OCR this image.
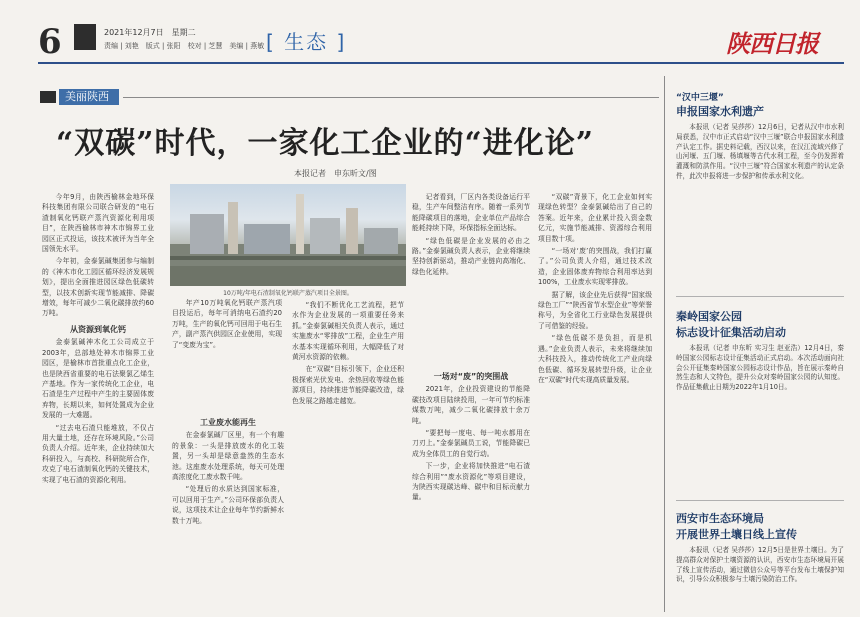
6	2021年12月7日　星期二
责编 | 刘艳　版式 | 张阳　校对 | 芝慧　美编 | 燕敏 [ 生态 ]	陕西日报
美丽陕西
“双碳”时代，一家化工企业的“进化论”
本报记者　申东昕文/图
10万吨/年电石渣制氧化钙联产蒸汽项目全景图。

今年9月，由陕西榆林金地环保科技集团有限公司联合研发的“电石渣制氧化钙联产蒸汽资源化利用项目”，在陕西榆林市神木市锦界工业园区正式投运，该技术被评为当年全国领先水平。

今年初，金泰氯碱集团参与编制的《神木市化工园区循环经济发展规划》，提出全面推进园区绿色低碳转型，以技术创新实现节能减排、降碳增效，每年可减少二氧化碳排放约60万吨。

从资源到氧化钙

金泰氯碱神木化工公司成立于2003年，总部地处神木市锦界工业园区，是榆林市首批重点化工企业，也是陕西省重要的电石法聚氯乙烯生产基地。作为一家传统化工企业，电石渣是生产过程中产生的主要固体废弃物，长期以来，如何处置成为企业发展的一大难题。

“过去电石渣只能堆放，不仅占用大量土地，还存在环境风险。”公司负责人介绍。近年来，企业持续加大科研投入，与高校、科研院所合作，攻克了电石渣制氧化钙的关键技术，实现了电石渣的资源化利用。

年产10万吨氧化钙联产蒸汽项目投运后，每年可消纳电石渣约20万吨，生产的氧化钙可回用于电石生产，副产蒸汽供园区企业使用，实现了“变废为宝”。

工业废水能再生

在金泰氯碱厂区里，有一个有趣的景象：一头是排放废水的化工装置，另一头却是绿意盎然的生态水池。这座废水处理系统，每天可处理高浓度化工废水数千吨。

“处理后的水质达到国家标准，可以回用于生产。”公司环保部负责人说，这项技术让企业每年节约新鲜水数十万吨。

“我们不断优化工艺流程，把节水作为企业发展的一项重要任务来抓。”金泰氯碱相关负责人表示，通过实施废水“零排放”工程，企业生产用水基本实现循环利用，大幅降低了对黄河水资源的依赖。

在“双碳”目标引领下，企业还积极探索光伏发电、余热回收等绿色能源项目，持续推进节能降碳改造，绿色发展之路越走越宽。

记者看到，厂区内各类设备运行平稳，生产车间整洁有序。随着一系列节能降碳项目的落地，企业单位产品综合能耗持续下降，环保指标全面达标。

“绿色低碳是企业发展的必由之路。”金泰氯碱负责人表示，企业将继续坚持创新驱动，推动产业链向高端化、绿色化延伸。

一场对“废”的突围战

2021年，企业投资建设的节能降碳技改项目陆续投用，一年可节约标准煤数万吨，减少二氧化碳排放十余万吨。

“要把每一度电、每一吨水都用在刀刃上。”金泰氯碱员工说，节能降碳已成为全体员工的自觉行动。

下一步，企业将加快推进“电石渣综合利用”“废水资源化”等项目建设，为陕西实现碳达峰、碳中和目标贡献力量。

“双碳”背景下，化工企业如何实现绿色转型？金泰氯碱给出了自己的答案。近年来，企业累计投入资金数亿元，实施节能减排、资源综合利用项目数十项。

“一场对‘废’的突围战，我们打赢了。”公司负责人介绍，通过技术改造，企业固体废弃物综合利用率达到100%，工业废水实现零排放。

据了解，该企业先后获得“国家级绿色工厂”“陕西省节水型企业”等荣誉称号，为全省化工行业绿色发展提供了可借鉴的经验。

“绿色低碳不是负担，而是机遇。”企业负责人表示，未来将继续加大科技投入，推动传统化工产业向绿色低碳、循环发展转型升级，让企业在“双碳”时代实现高质量发展。

“汉中三堰”
申报国家水利遗产

本报讯（记者 吴莎莎）12月6日，记者从汉中市水利局获悉，汉中市正式启动“汉中三堰”联合申报国家水利遗产认定工作。据史料记载，西汉以来，在汉江流域兴修了山河堰、五门堰、杨填堰等古代水利工程，至今仍发挥着灌溉和防洪作用。“汉中三堰”符合国家水利遗产的认定条件，此次申报将进一步保护和传承水利文化。

秦岭国家公园
标志设计征集活动启动

本报讯（记者 申东昕 实习生 赵亚浩）12月4日，秦岭国家公园标志设计征集活动正式启动。本次活动面向社会公开征集秦岭国家公园标志设计作品，旨在展示秦岭自然生态和人文特色，提升公众对秦岭国家公园的认知度。作品征集截止日期为2022年1月10日。

西安市生态环境局
开展世界土壤日线上宣传

本报讯（记者 吴莎莎）12月5日是世界土壤日。为了提高群众对保护土壤资源的认识，西安市生态环境局开展了线上宣传活动，通过微信公众号等平台发布土壤保护知识，引导公众积极参与土壤污染防治工作。
